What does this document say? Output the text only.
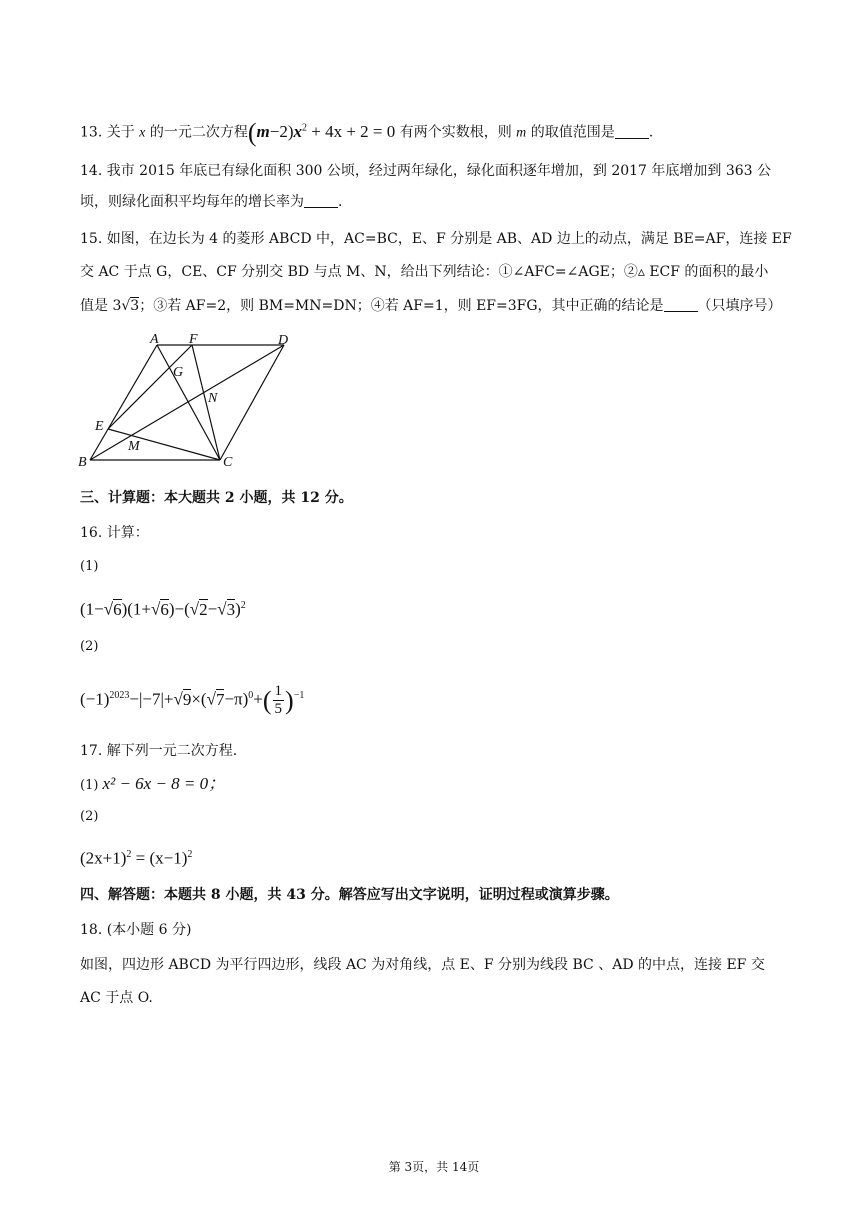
13. 关于 x 的一元二次方程$(m-2)x^2 + 4x + 2 = 0$ 有两个实数根，则 m 的取值范围是 .
14. 我市 2015 年底已有绿化面积 300 公顷，经过两年绿化，绿化面积逐年增加，到 2017 年底增加到 363 公
顷，则绿化面积平均每年的增长率为 .
15. 如图，在边长为 4 的菱形 ABCD 中，AC=BC，E、F 分别是 AB、AD 边上的动点，满足 BE=AF，连接 EF
交 AC 于点 G，CE、CF 分别交 BD 与点 M、N，给出下列结论：①∠AFC=∠AGE；②▵ ECF 的面积的最小
值是 3√3；③若 AF=2，则 BM=MN=DN；④若 AF=1，则 EF=3FG，其中正确的结论是 （只填序号）
A F	D
G
N
E
M
B	C
三、计算题：本大题共 2 小题，共 12 分。
16. 计算：
(1)
$(1-√6)(1+√6)-(√2-√3)^2$
(2)
$(-1)^{2023}-|-7|+√9\times(√7-\pi)^0+( \frac{1}{5} )^{-1}$
17. 解下列一元二次方程.
(1) x² − 6x − 8 = 0；
(2)
$(2x+1)^2 = (x-1)^2$
四、解答题：本题共 8 小题，共 43 分。解答应写出文字说明，证明过程或演算步骤。
18. (本小题 6 分)
如图，四边形 ABCD 为平行四边形，线段 AC 为对角线，点 E、F 分别为线段 BC 、AD 的中点，连接 EF 交
AC 于点 O.
第 3页，共 14页
